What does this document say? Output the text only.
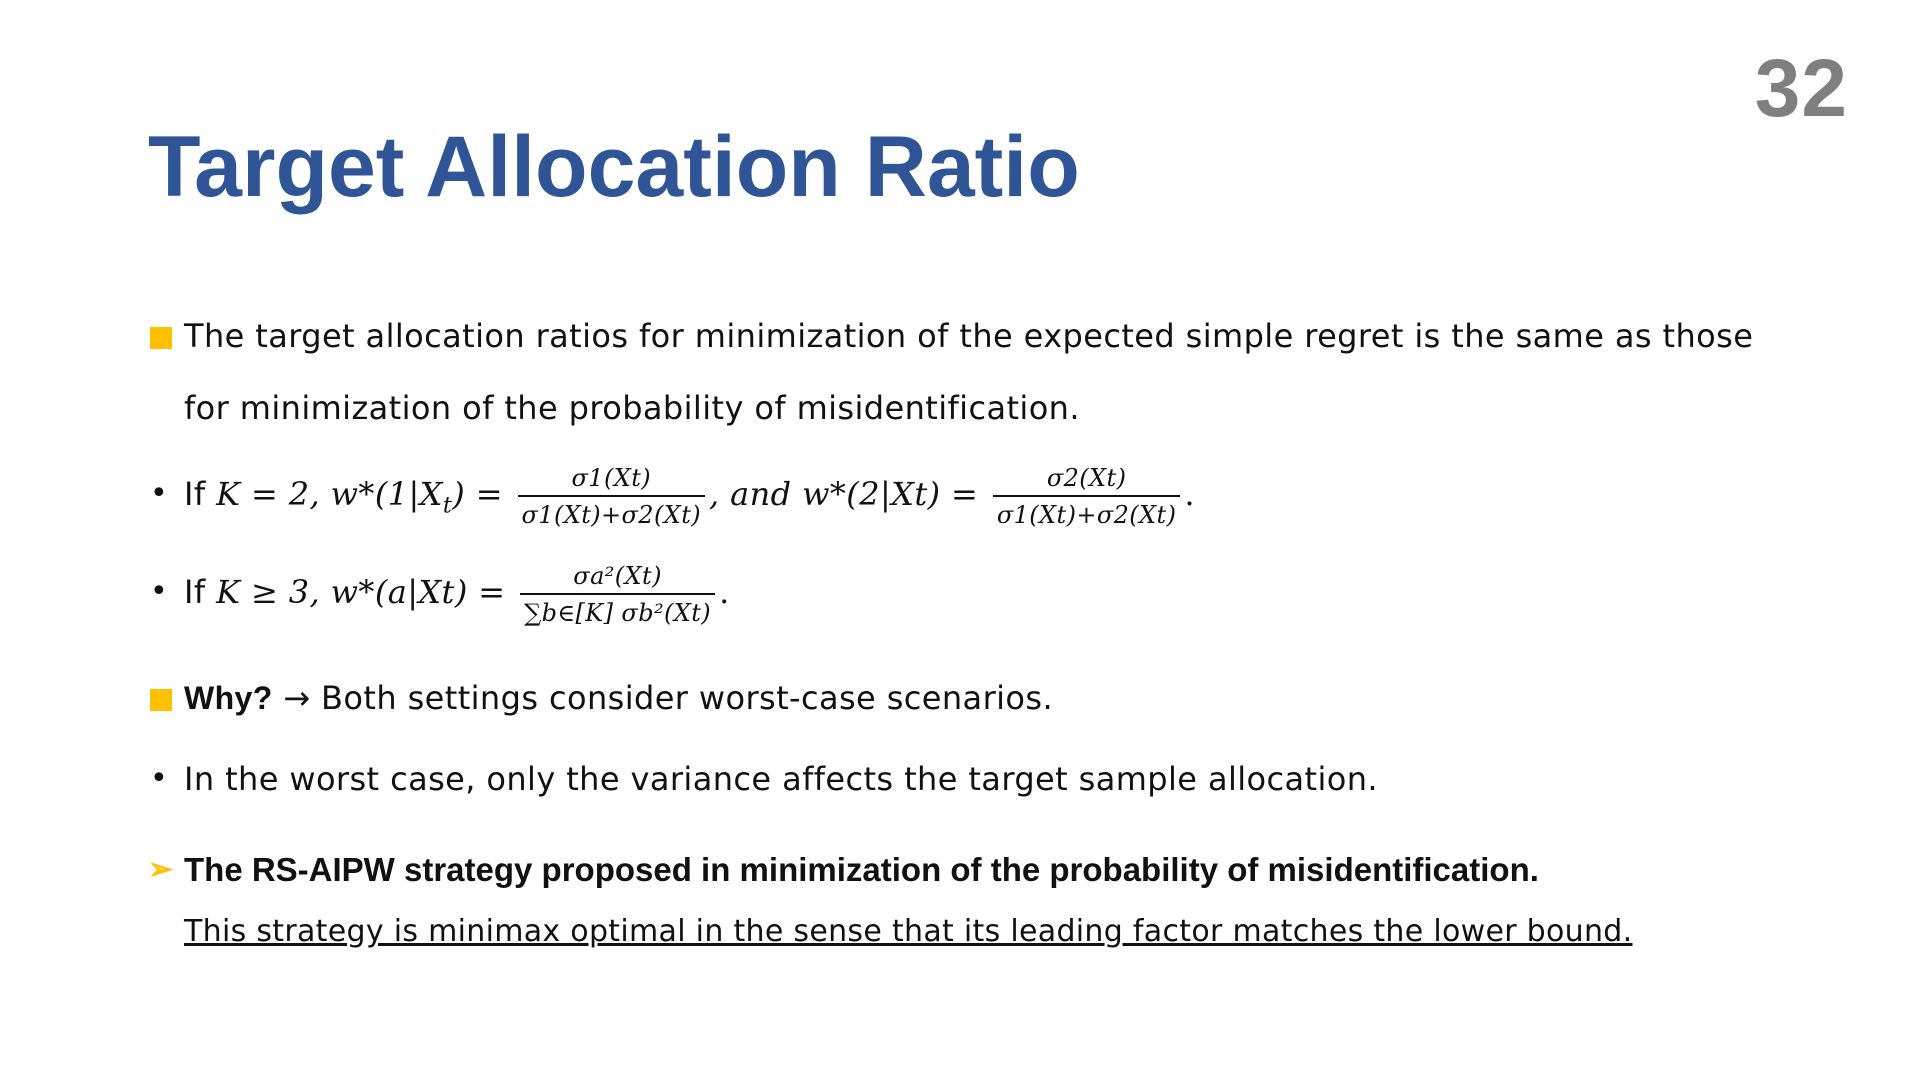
32
Target Allocation Ratio
The target allocation ratios for minimization of the expected simple regret is the same as those for minimization of the probability of misidentification.
• If K = 2, $w*(1|X_t) = \frac{\sigma 1(Xt)}{\sigma 1(Xt)+\sigma 2(Xt)}$ , and $w*(2|Xt) = \frac{\sigma 2(Xt)}{\sigma 1(Xt)+\sigma 2(Xt)}$ .
• If K ≥ 3, $w*(a|Xt) = \frac{\text{σa²(Xt)}}{\text{∑b∈[K] σb²(Xt)}}$ .
Why? → Both settings consider worst-case scenarios.
• In the worst case, only the variance affects the target sample allocation.
➢ The RS-AIPW strategy proposed in minimization of the probability of misidentification.
This strategy is minimax optimal in the sense that its leading factor matches the lower bound.
